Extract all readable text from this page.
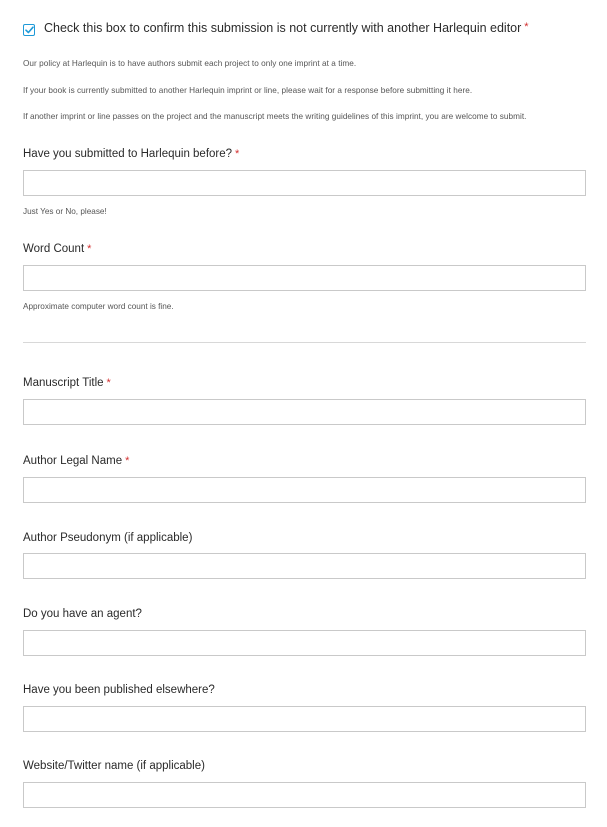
Check this box to confirm this submission is not currently with another Harlequin editor *
Our policy at Harlequin is to have authors submit each project to only one imprint at a time.
If your book is currently submitted to another Harlequin imprint or line, please wait for a response before submitting it here.
If another imprint or line passes on the project and the manuscript meets the writing guidelines of this imprint, you are welcome to submit.
Have you submitted to Harlequin before? *
Just Yes or No, please!
Word Count *
Approximate computer word count is fine.
Manuscript Title *
Author Legal Name *
Author Pseudonym (if applicable)
Do you have an agent?
Have you been published elsewhere?
Website/Twitter name (if applicable)
